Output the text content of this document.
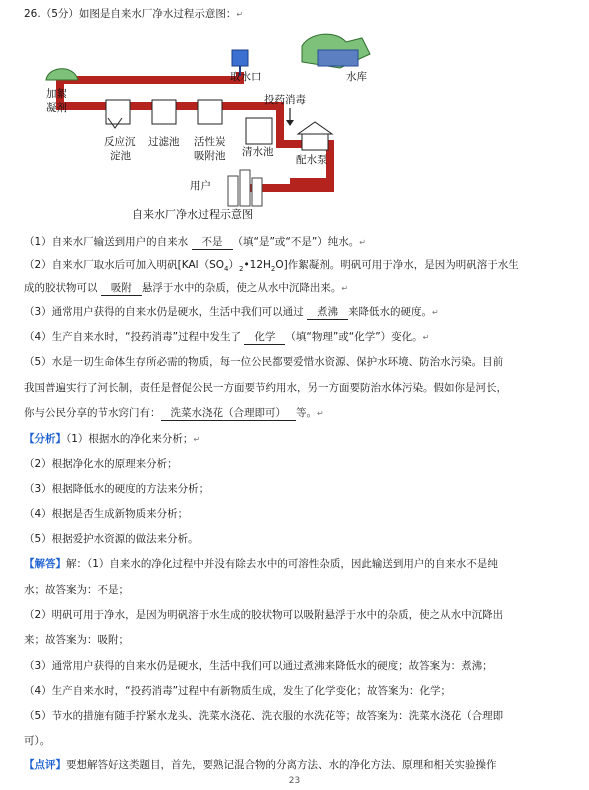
26.（5分）如图是自来水厂净水过程示意图：↵
取水口	水库
投药消毒
加絮
凝剂
反应沉
淀池
过滤池 活性炭
吸附池 清水池
配水泵
用户
自来水厂净水过程示意图
（1）自来水厂输送到用户的自来水 不是 （填“是”或“不是”）纯水。↵
（2）自来水厂取水后可加入明矾$[KAl(SO_4)_2•12H_2O]$作絮凝剂。明矾可用于净水，是因为明矾溶于水生
成的胶状物可以 吸附 悬浮于水中的杂质，使之从水中沉降出来。↵
（3）通常用户获得的自来水仍是硬水，生活中我们可以通过 煮沸 来降低水的硬度。↵
（4）生产自来水时，“投药消毒”过程中发生了 化学 （填“物理”或“化学”）变化。↵
（5）水是一切生命体生存所必需的物质，每一位公民都要爱惜水资源、保护水环境、防治水污染。目前
我国普遍实行了河长制，责任是督促公民一方面要节约用水，另一方面要防治水体污染。假如你是河长，
你与公民分享的节水窍门有： 洗菜水浇花（合理即可） 等。↵
【分析】（1）根据水的净化来分析；↵
（2）根据净化水的原理来分析；
（3）根据降低水的硬度的方法来分析；
（4）根据是否生成新物质来分析；
（5）根据爱护水资源的做法来分析。
【解答】解：（1）自来水的净化过程中并没有除去水中的可溶性杂质，因此输送到用户的自来水不是纯
水；故答案为：不是；
（2）明矾可用于净水，是因为明矾溶于水生成的胶状物可以吸附悬浮于水中的杂质，使之从水中沉降出
来；故答案为：吸附；
（3）通常用户获得的自来水仍是硬水，生活中我们可以通过煮沸来降低水的硬度；故答案为：煮沸；
（4）生产自来水时，“投药消毒”过程中有新物质生成，发生了化学变化；故答案为：化学；
（5）节水的措施有随手拧紧水龙头、洗菜水浇花、洗衣服的水洗花等；故答案为：洗菜水浇花（合理即
可）。
【点评】要想解答好这类题目，首先，要熟记混合物的分离方法、水的净化方法、原理和相关实验操作
23
